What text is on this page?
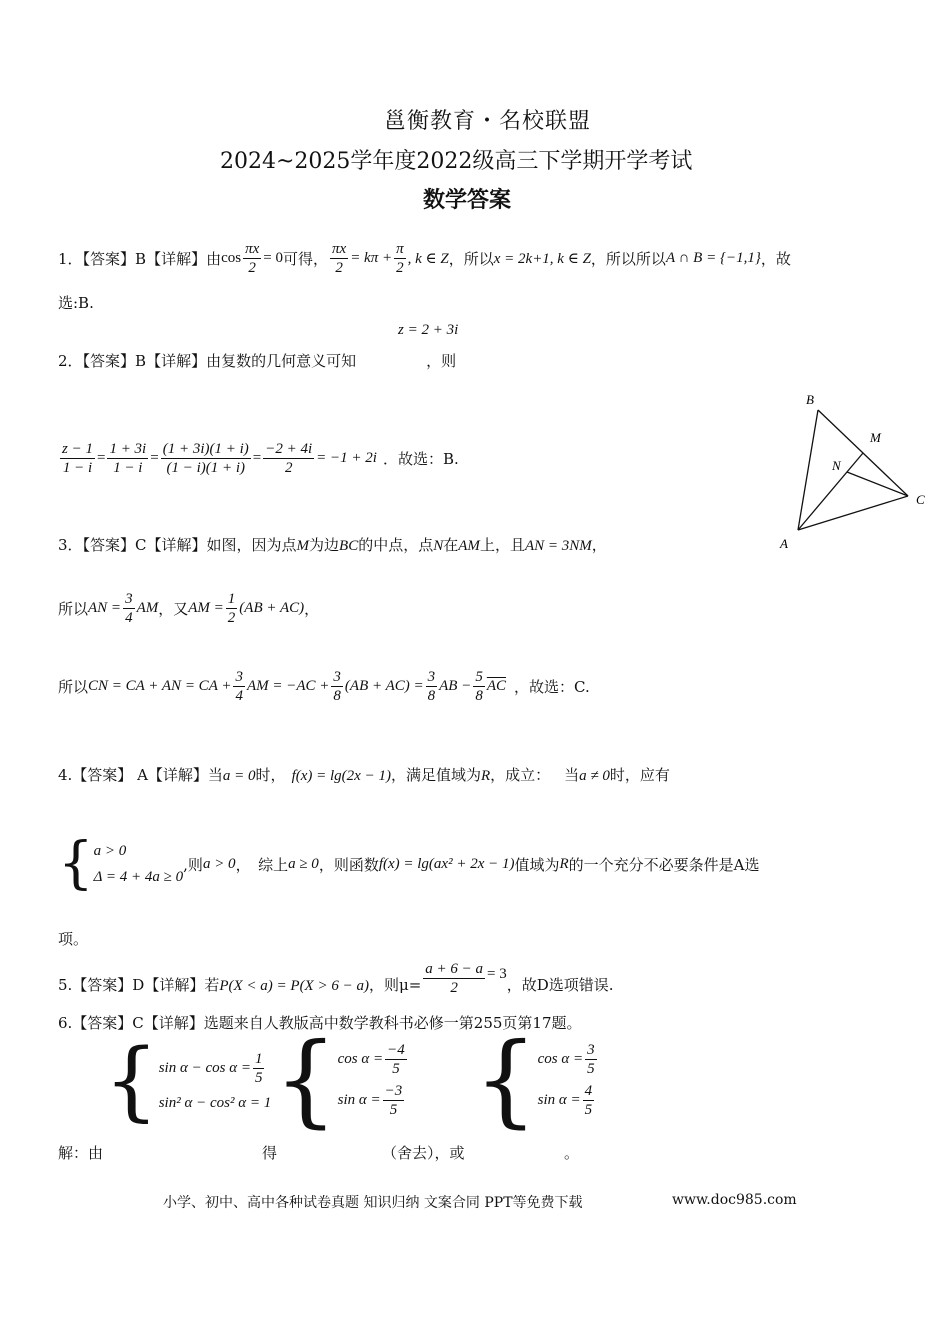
邕衡教育・名校联盟
2024~2025学年度2022级高三下学期开学考试
数学答案
1．【答案】B【详解】由 $\cos \frac{\pi x}{2} = 0$ 可得， $\frac{\pi x}{2} = k\pi + \frac{\pi}{2}$ , k ∈ Z ，所以 x = 2k+1, k ∈ Z ，所以所以 A ∩ B = {−1,1} ，故
选:B.
z = 2 + 3i
2．【答案】B【详解】由复数的几何意义可知	，则
$\frac{z - 1}{1 - i} = \frac{1 + 3i}{1 - i} = \frac{(1 + 3i)(1 + i)}{(1 - i)(1 + i)} = \frac{-2 + 4i}{2} = -1 + 2i$ ．故选：B.
B
M
N
C
A
3．【答案】C【详解】如图，因为点M为边BC的中点，点N在AM上，且AN = 3NM，
所以 AN = $\frac{3}{4}$ AM ，又 AM = $\frac{1}{2} (AB + AC)$ ，
所以 CN = CA + AN = CA + $\frac{3}{4}$ AM = $-AC + \frac{3}{8} (AB + AC) = \frac{3}{8}$ AB − $\frac{5}{8} \overline{AC}$ ，故选：C.
4.【答案】 A【详解】当a = 0时， f(x) = lg(2x − 1)，满足值域为R，成立： 当a ≠ 0时，应有
{ a > 0
Δ = 4 + 4a ≥ 0
,则 a > 0 ，　综上 a ≥ 0 ，则函数 f(x) = lg(ax² + 2x − 1) 值域为 R 的一个充分不必要条件是A选
项。
5.【答案】D【详解】若 P(X < a) = P(X > 6 − a) ，则$\mu= \frac{a + 6 - a}{2} = 3$
，故D选项错误.
6.【答案】C【详解】选题来自人教版高中数学教科书必修一第255页第17题。
{ $\sin \alpha - \cos \alpha = \frac{1}{5}$
sin² α − cos² α = 1 { $\cos \alpha = \frac{-4}{5}$
$\sin \alpha = \frac{-3}{5}$ { $\cos \alpha = \frac{3}{5}$
$\sin \alpha = \frac{4}{5}$
解：由	得	（舍去），或	。
小学、初中、高中各种试卷真题 知识归纳 文案合同 PPT等免费下载	www.doc985.com
